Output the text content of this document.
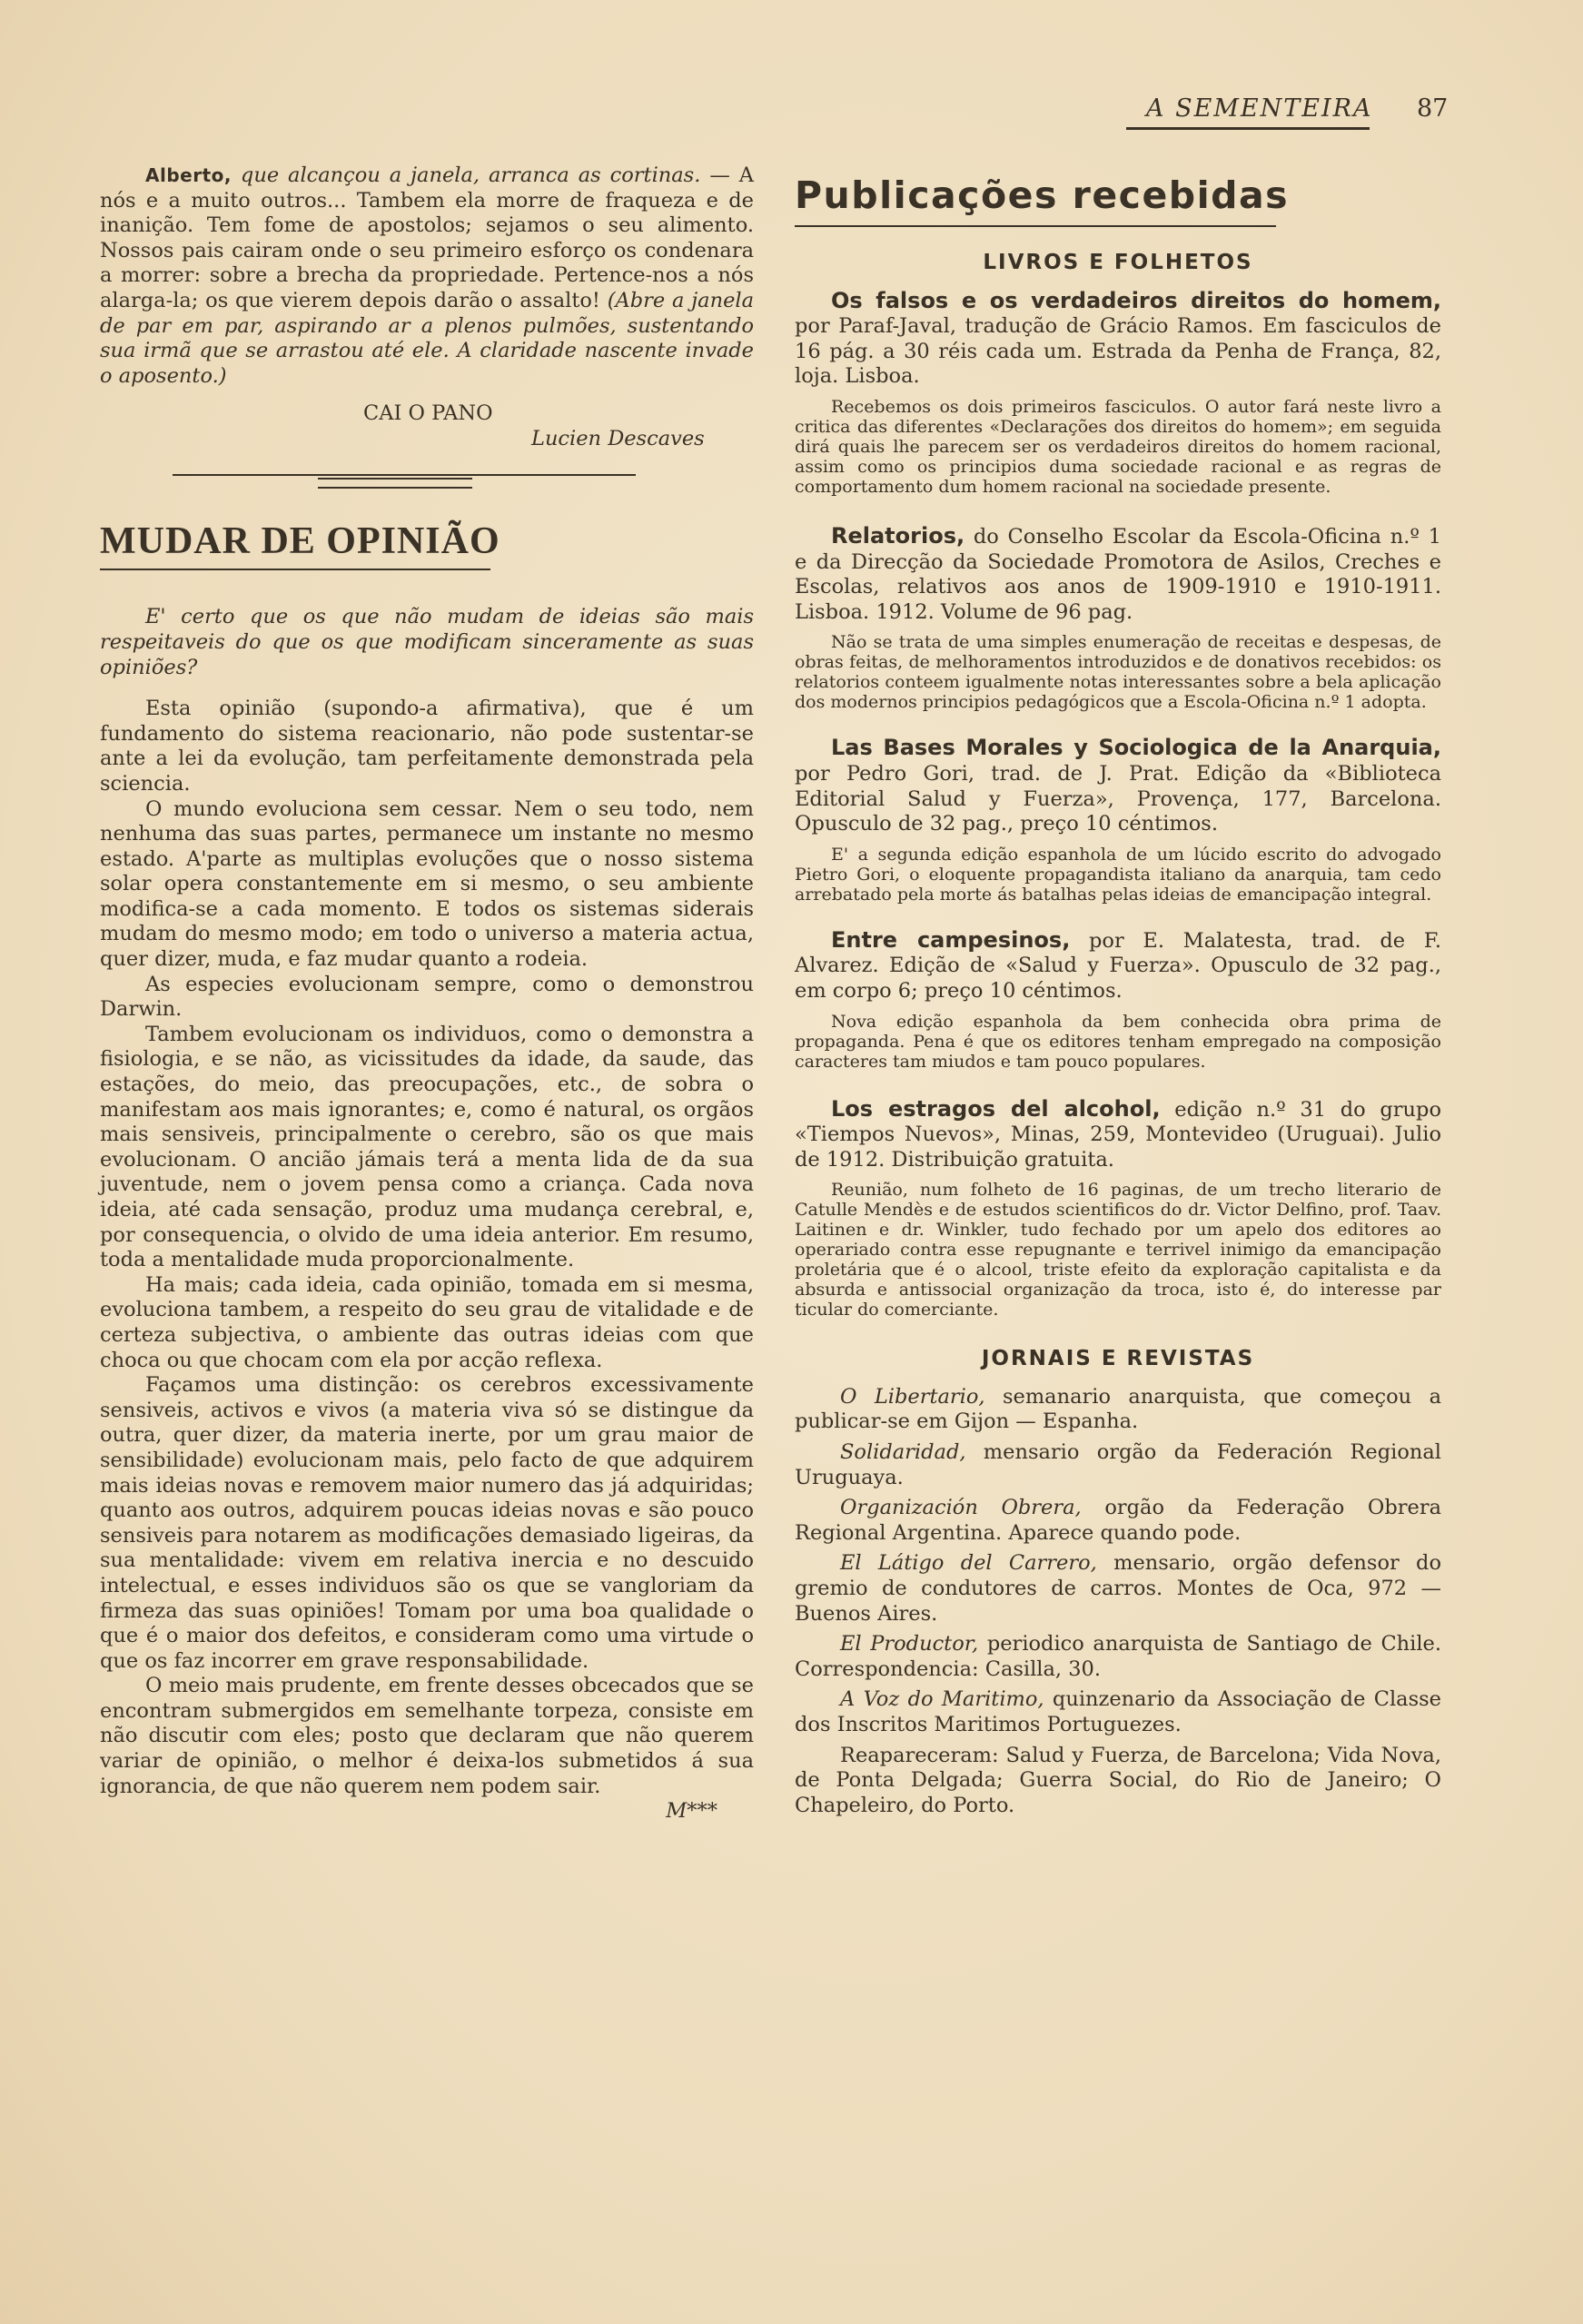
A SEMENTEIRA 87

Alberto, que alcançou a janela, arranca as cortinas. — A nós e a muito outros... Tambem ela morre de fraqueza e de inanição. Tem fome de apostolos; sejamos o seu alimento. Nossos pais cairam onde o seu primeiro esforço os condenara a morrer: sobre a brecha da propriedade. Pertence-nos a nós alarga-la; os que vierem depois darão o assalto! (Abre a janela de par em par, aspirando ar a plenos pulmões, sustentando sua irmã que se arrastou até ele. A claridade nascente invade o aposento.)

CAI O PANO
Lucien Descaves
MUDAR DE OPINIÃO

E' certo que os que não mudam de ideias são mais respeitaveis do que os que modificam sinceramente as suas opiniões?

Esta opinião (supondo-a afirmativa), que é um fundamento do sistema reacionario, não pode sustentar-se ante a lei da evolução, tam perfeitamente demonstrada pela sciencia.

O mundo evoluciona sem cessar. Nem o seu todo, nem nenhuma das suas partes, permanece um instante no mesmo estado. A'parte as multiplas evoluções que o nosso sistema solar opera constantemente em si mesmo, o seu ambiente modifica-se a cada momento. E todos os sistemas siderais mudam do mesmo modo; em todo o universo a materia actua, quer dizer, muda, e faz mudar quanto a rodeia.

As especies evolucionam sempre, como o demonstrou Darwin.

Tambem evolucionam os individuos, como o demonstra a fisiologia, e se não, as vicissitudes da idade, da saude, das estações, do meio, das preocupações, etc., de sobra o manifestam aos mais ignorantes; e, como é natural, os orgãos mais sensiveis, principalmente o cerebro, são os que mais evolucionam. O ancião jámais terá a menta lida de da sua juventude, nem o jovem pensa como a criança. Cada nova ideia, até cada sensação, produz uma mudança cerebral, e, por consequencia, o olvido de uma ideia anterior. Em resumo, toda a mentalidade muda proporcionalmente.

Ha mais; cada ideia, cada opinião, tomada em si mesma, evoluciona tambem, a respeito do seu grau de vitalidade e de certeza subjectiva, o ambiente das outras ideias com que choca ou que chocam com ela por acção reflexa.

Façamos uma distinção: os cerebros excessivamente sensiveis, activos e vivos (a materia viva só se distingue da outra, quer dizer, da materia inerte, por um grau maior de sensibilidade) evolucionam mais, pelo facto de que adquirem mais ideias novas e removem maior numero das já adquiridas; quanto aos outros, adquirem poucas ideias novas e são pouco sensiveis para notarem as modificações demasiado ligeiras, da sua mentalidade: vivem em relativa inercia e no descuido intelectual, e esses individuos são os que se vangloriam da firmeza das suas opiniões! Tomam por uma boa qualidade o que é o maior dos defeitos, e consideram como uma virtude o que os faz incorrer em grave responsabilidade.

O meio mais prudente, em frente desses obcecados que se encontram submergidos em semelhante torpeza, consiste em não discutir com eles; posto que declaram que não querem variar de opinião, o melhor é deixa-los submetidos á sua ignorancia, de que não querem nem podem sair.

M***

Publicações recebidas
LIVROS E FOLHETOS

Os falsos e os verdadeiros direitos do homem, por Paraf-Javal, tradução de Grácio Ramos. Em fasciculos de 16 pág. a 30 réis cada um. Estrada da Penha de França, 82, loja. Lisboa.

Recebemos os dois primeiros fasciculos. O autor fará neste livro a critica das diferentes «Declarações dos direitos do homem»; em seguida dirá quais lhe parecem ser os verdadeiros direitos do homem racional, assim como os principios duma sociedade racional e as regras de comportamento dum homem racional na sociedade presente.

Relatorios, do Conselho Escolar da Escola-Oficina n.º 1 e da Direcção da Sociedade Promotora de Asilos, Creches e Escolas, relativos aos anos de 1909-1910 e 1910-1911. Lisboa. 1912. Volume de 96 pag.

Não se trata de uma simples enumeração de receitas e despesas, de obras feitas, de melhoramentos introduzidos e de donativos recebidos: os relatorios conteem igualmente notas interessantes sobre a bela aplicação dos modernos principios pedagógicos que a Escola-Oficina n.º 1 adopta.

Las Bases Morales y Sociologica de la Anarquia, por Pedro Gori, trad. de J. Prat. Edição da «Biblioteca Editorial Salud y Fuerza», Provença, 177, Barcelona. Opusculo de 32 pag., preço 10 céntimos.

E' a segunda edição espanhola de um lúcido escrito do advogado Pietro Gori, o eloquente propagandista italiano da anarquia, tam cedo arrebatado pela morte ás batalhas pelas ideias de emancipação integral.

Entre campesinos, por E. Malatesta, trad. de F. Alvarez. Edição de «Salud y Fuerza». Opusculo de 32 pag., em corpo 6; preço 10 céntimos.

Nova edição espanhola da bem conhecida obra prima de propaganda. Pena é que os editores tenham empregado na composição caracteres tam miudos e tam pouco populares.

Los estragos del alcohol, edição n.º 31 do grupo «Tiempos Nuevos», Minas, 259, Montevideo (Uruguai). Julio de 1912. Distribuição gratuita.

Reunião, num folheto de 16 paginas, de um trecho literario de Catulle Mendès e de estudos scientificos do dr. Victor Delfino, prof. Taav. Laitinen e dr. Winkler, tudo fechado por um apelo dos editores ao operariado contra esse repugnante e terrivel inimigo da emancipação proletária que é o alcool, triste efeito da exploração capitalista e da absurda e antissocial organização da troca, isto é, do interesse par ticular do comerciante.

JORNAIS E REVISTAS

O Libertario, semanario anarquista, que começou a publicar-se em Gijon — Espanha.

Solidaridad, mensario orgão da Federación Regional Uruguaya.

Organización Obrera, orgão da Federação Obrera Regional Argentina. Aparece quando pode.

El Látigo del Carrero, mensario, orgão defensor do gremio de condutores de carros. Montes de Oca, 972 — Buenos Aires.

El Productor, periodico anarquista de Santiago de Chile. Correspondencia: Casilla, 30.

A Voz do Maritimo, quinzenario da Associação de Classe dos Inscritos Maritimos Portuguezes.

Reapareceram: Salud y Fuerza, de Barcelona; Vida Nova, de Ponta Delgada; Guerra Social, do Rio de Janeiro; O Chapeleiro, do Porto.
